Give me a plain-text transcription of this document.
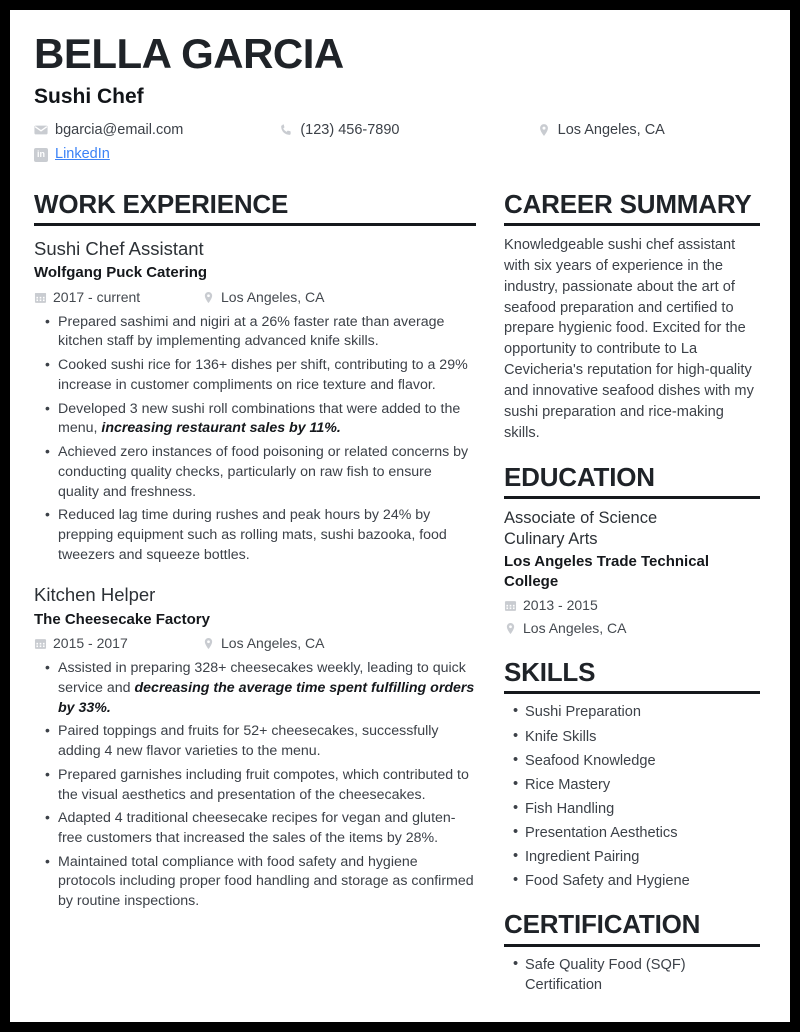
BELLA GARCIA
Sushi Chef
bgarcia@email.com
in LinkedIn
(123) 456-7890	Los Angeles, CA
WORK EXPERIENCE
Sushi Chef Assistant
Wolfgang Puck Catering
2017 - current	Los Angeles, CA
• Prepared sashimi and nigiri at a 26% faster rate than average kitchen staff by implementing advanced knife skills.
• Cooked sushi rice for 136+ dishes per shift, contributing to a 29% increase in customer compliments on rice texture and flavor.
• Developed 3 new sushi roll combinations that were added to the menu, increasing restaurant sales by 11%.
• Achieved zero instances of food poisoning or related concerns by conducting quality checks, particularly on raw fish to ensure quality and freshness.
• Reduced lag time during rushes and peak hours by 24% by prepping equipment such as rolling mats, sushi bazooka, food tweezers and squeeze bottles.
Kitchen Helper
The Cheesecake Factory
2015 - 2017	Los Angeles, CA
• Assisted in preparing 328+ cheesecakes weekly, leading to quick service and decreasing the average time spent fulfilling orders by 33%.
• Paired toppings and fruits for 52+ cheesecakes, successfully adding 4 new flavor varieties to the menu.
• Prepared garnishes including fruit compotes, which contributed to the visual aesthetics and presentation of the cheesecakes.
• Adapted 4 traditional cheesecake recipes for vegan and gluten-free customers that increased the sales of the items by 28%.
• Maintained total compliance with food safety and hygiene protocols including proper food handling and storage as confirmed by routine inspections.
CAREER SUMMARY

Knowledgeable sushi chef assistant with six years of experience in the industry, passionate about the art of seafood preparation and certified to prepare hygienic food. Excited for the opportunity to contribute to La Cevicheria's reputation for high-quality and innovative seafood dishes with my sushi preparation and rice-making skills.

EDUCATION
Associate of Science
Culinary Arts
Los Angeles Trade Technical College
2013 - 2015
Los Angeles, CA
SKILLS
• Sushi Preparation
• Knife Skills
• Seafood Knowledge
• Rice Mastery
• Fish Handling
• Presentation Aesthetics
• Ingredient Pairing
• Food Safety and Hygiene
CERTIFICATION
• Safe Quality Food (SQF) Certification
